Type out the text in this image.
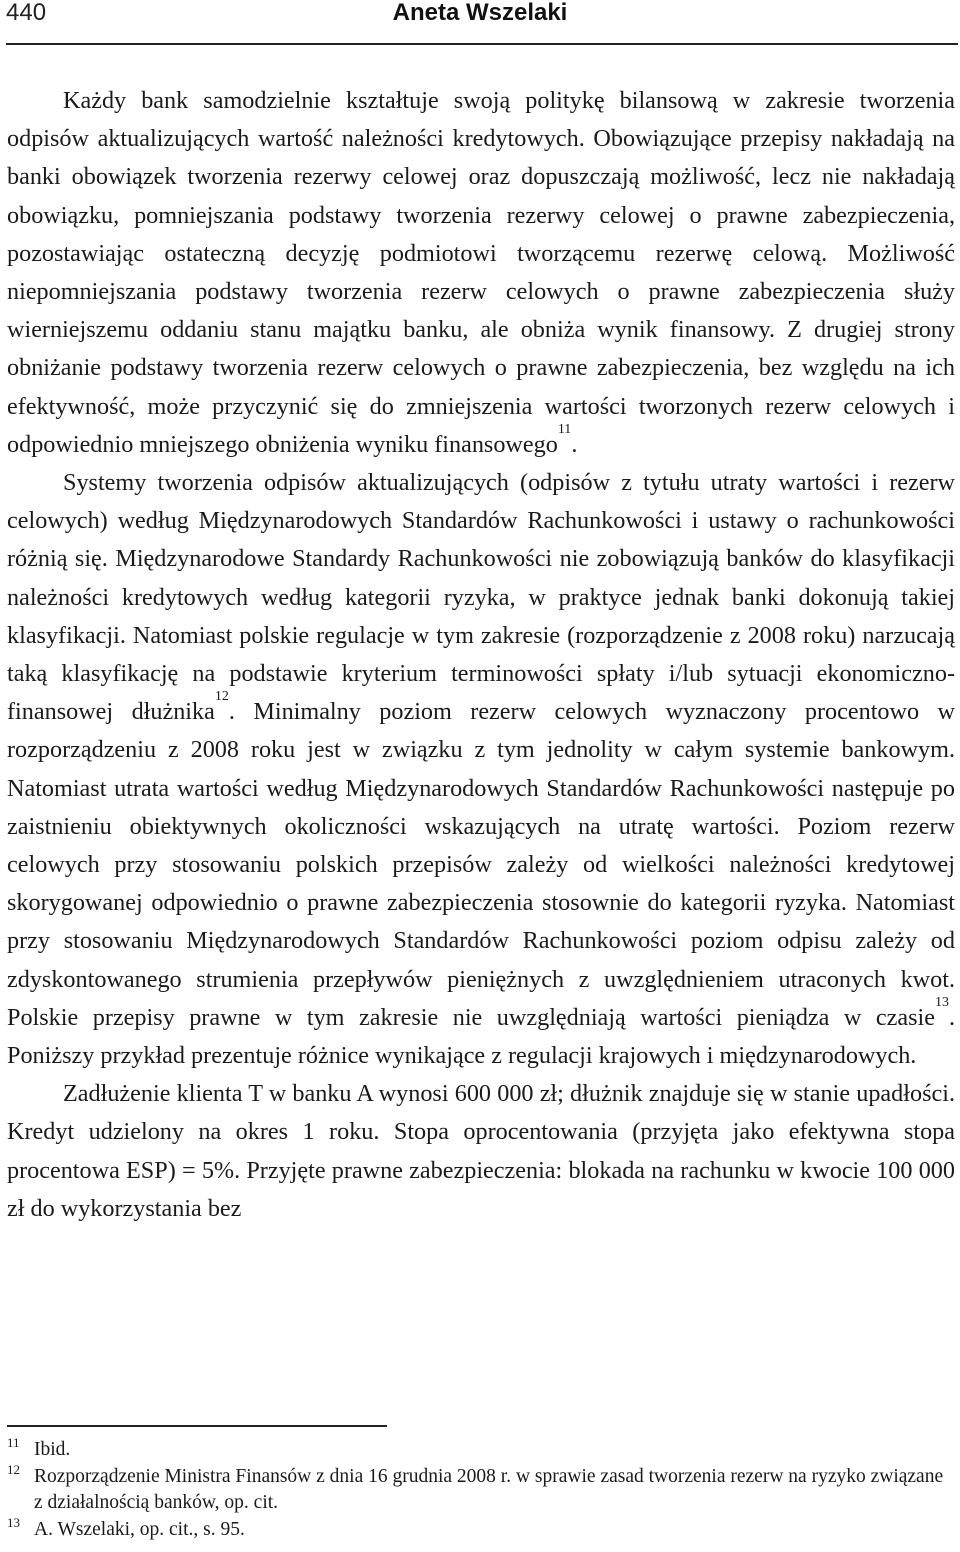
440	Aneta Wszelaki

Każdy bank samodzielnie kształtuje swoją politykę bilansową w zakresie tworzenia odpisów aktualizujących wartość należności kredytowych. Obowiązujące przepisy nakładają na banki obowiązek tworzenia rezerwy celowej oraz dopuszczają możliwość, lecz nie nakładają obowiązku, pomniejszania podstawy tworzenia rezerwy celowej o prawne zabezpieczenia, pozostawiając ostateczną decyzję podmiotowi tworzącemu rezerwę celową. Możliwość niepomniejszania podstawy tworzenia rezerw celowych o prawne zabezpieczenia służy wierniejszemu oddaniu stanu majątku banku, ale obniża wynik finansowy. Z drugiej strony obniżanie podstawy tworzenia rezerw celowych o prawne zabezpieczenia, bez względu na ich efektywność, może przyczynić się do zmniejszenia wartości tworzonych rezerw celowych i odpowiednio mniejszego obniżenia wyniku finansowego$^{11}$.

Systemy tworzenia odpisów aktualizujących (odpisów z tytułu utraty wartości i rezerw celowych) według Międzynarodowych Standardów Rachunkowości i ustawy o rachunkowości różnią się. Międzynarodowe Standardy Rachunkowości nie zobowiązują banków do klasyfikacji należności kredytowych według kategorii ryzyka, w praktyce jednak banki dokonują takiej klasyfikacji. Natomiast polskie regulacje w tym zakresie (rozporządzenie z 2008 roku) narzucają taką klasyfikację na podstawie kryterium terminowości spłaty i/lub sytuacji ekonomiczno-finansowej dłużnika$^{12}$. Minimalny poziom rezerw celowych wyznaczony procentowo w rozporządzeniu z 2008 roku jest w związku z tym jednolity w całym systemie bankowym. Natomiast utrata wartości według Międzynarodowych Standardów Rachunkowości następuje po zaistnieniu obiektywnych okoliczności wskazujących na utratę wartości. Poziom rezerw celowych przy stosowaniu polskich przepisów zależy od wielkości należności kredytowej skorygowanej odpowiednio o prawne zabezpieczenia stosownie do kategorii ryzyka. Natomiast przy stosowaniu Międzynarodowych Standardów Rachunkowości poziom odpisu zależy od zdyskontowanego strumienia przepływów pieniężnych z uwzględnieniem utraconych kwot. Polskie przepisy prawne w tym zakresie nie uwzględniają wartości pieniądza w czasie$^{13}$. Poniższy przykład prezentuje różnice wynikające z regulacji krajowych i międzynarodowych.

Zadłużenie klienta T w banku A wynosi 600 000 zł; dłużnik znajduje się w stanie upadłości. Kredyt udzielony na okres 1 roku. Stopa oprocentowania (przyjęta jako efektywna stopa procentowa ESP) = 5%. Przyjęte prawne zabezpieczenia: blokada na rachunku w kwocie 100 000 zł do wykorzystania bez

11 Ibid.
12 Rozporządzenie Ministra Finansów z dnia 16 grudnia 2008 r. w sprawie zasad tworzenia rezerw na ryzyko związane z działalnością banków, op. cit.
13 A. Wszelaki, op. cit., s. 95.
